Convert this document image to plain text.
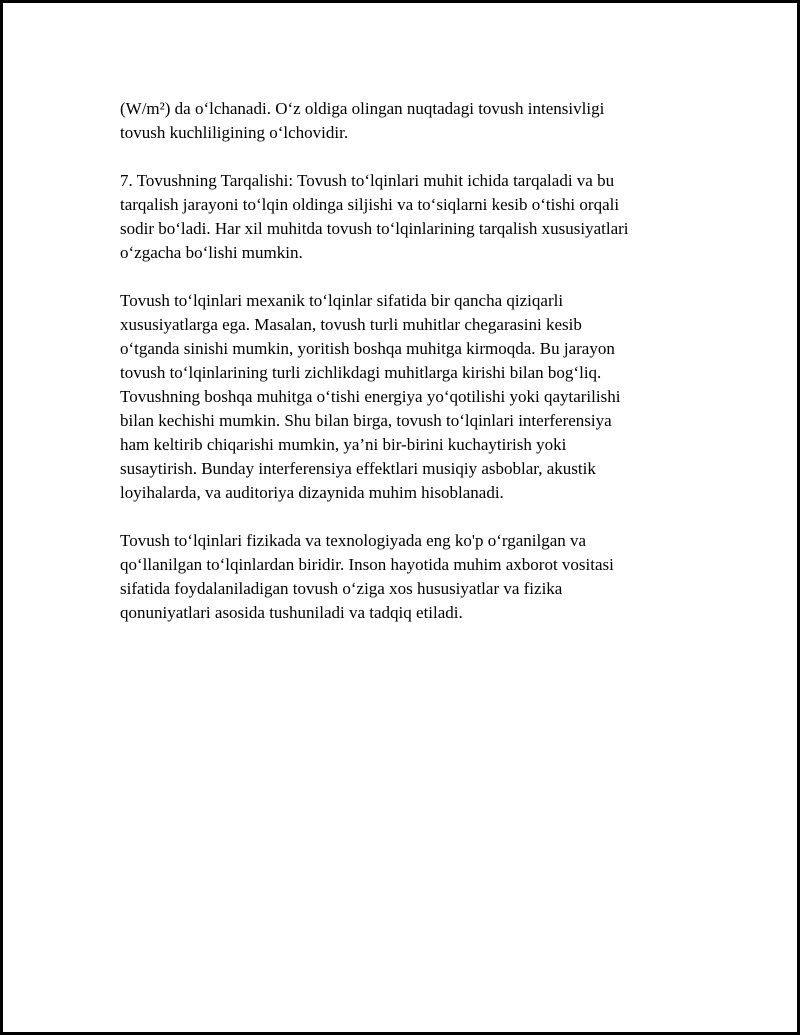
(W/m²) da o‘lchanadi. O‘z oldiga olingan nuqtadagi tovush intensivligi
tovush kuchliligining o‘lchovidir.

7. Tovushning Tarqalishi: Tovush to‘lqinlari muhit ichida tarqaladi va bu
tarqalish jarayoni to‘lqin oldinga siljishi va to‘siqlarni kesib o‘tishi orqali
sodir bo‘ladi. Har xil muhitda tovush to‘lqinlarining tarqalish xususiyatlari
o‘zgacha bo‘lishi mumkin.

Tovush to‘lqinlari mexanik to‘lqinlar sifatida bir qancha qiziqarli
xususiyatlarga ega. Masalan, tovush turli muhitlar chegarasini kesib
o‘tganda sinishi mumkin, yoritish boshqa muhitga kirmoqda. Bu jarayon
tovush to‘lqinlarining turli zichlikdagi muhitlarga kirishi bilan bog‘liq.
Tovushning boshqa muhitga o‘tishi energiya yo‘qotilishi yoki qaytarilishi
bilan kechishi mumkin. Shu bilan birga, tovush to‘lqinlari interferensiya
ham keltirib chiqarishi mumkin, ya’ni bir-birini kuchaytirish yoki
susaytirish. Bunday interferensiya effektlari musiqiy asboblar, akustik
loyihalarda, va auditoriya dizaynida muhim hisoblanadi.

Tovush to‘lqinlari fizikada va texnologiyada eng ko'p o‘rganilgan va
qo‘llanilgan to‘lqinlardan biridir. Inson hayotida muhim axborot vositasi
sifatida foydalaniladigan tovush o‘ziga xos hususiyatlar va fizika
qonuniyatlari asosida tushuniladi va tadqiq etiladi.
